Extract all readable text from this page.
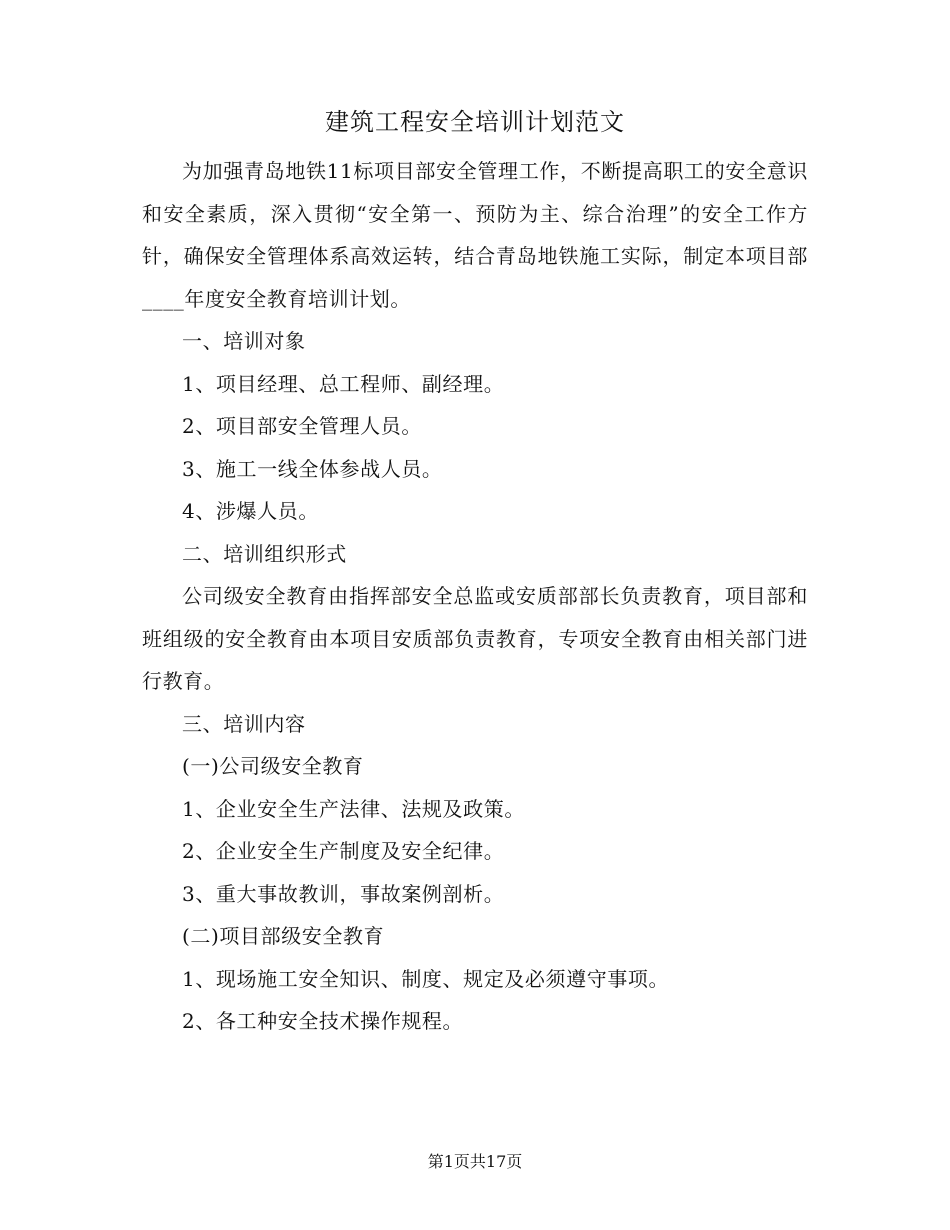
建筑工程安全培训计划范文

为加强青岛地铁11标项目部安全管理工作，不断提高职工的安全意识和安全素质，深入贯彻“安全第一、预防为主、综合治理”的安全工作方针，确保安全管理体系高效运转，结合青岛地铁施工实际，制定本项目部____年度安全教育培训计划。

一、培训对象

1、项目经理、总工程师、副经理。

2、项目部安全管理人员。

3、施工一线全体参战人员。

4、涉爆人员。

二、培训组织形式

公司级安全教育由指挥部安全总监或安质部部长负责教育，项目部和班组级的安全教育由本项目安质部负责教育，专项安全教育由相关部门进行教育。

三、培训内容

(一)公司级安全教育

1、企业安全生产法律、法规及政策。

2、企业安全生产制度及安全纪律。

3、重大事故教训，事故案例剖析。

(二)项目部级安全教育

1、现场施工安全知识、制度、规定及必须遵守事项。

2、各工种安全技术操作规程。

第1页共17页
